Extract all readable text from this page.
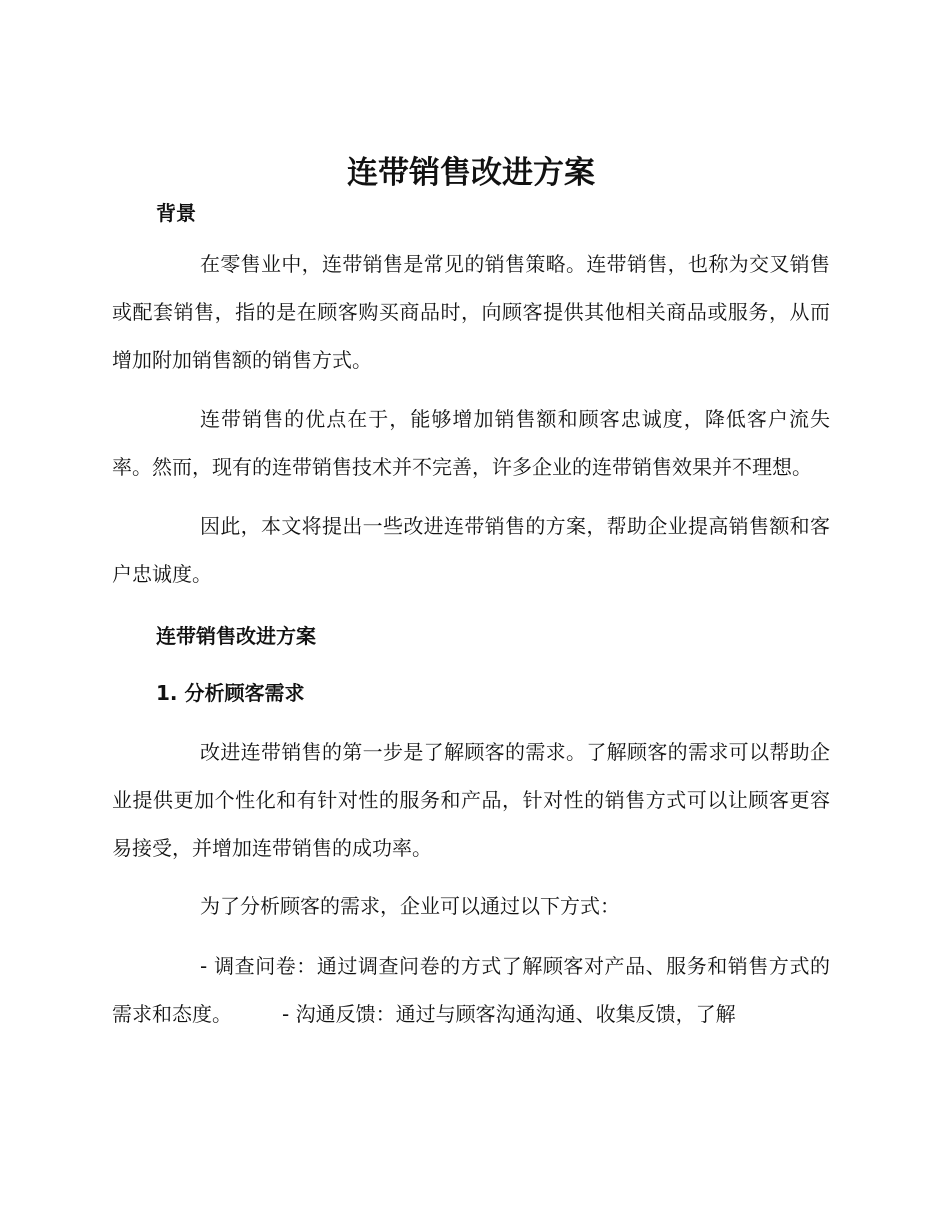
连带销售改进方案
背景

在零售业中，连带销售是常见的销售策略。连带销售，也称为交叉销售或配套销售，指的是在顾客购买商品时，向顾客提供其他相关商品或服务，从而增加附加销售额的销售方式。

连带销售的优点在于，能够增加销售额和顾客忠诚度，降低客户流失率。然而，现有的连带销售技术并不完善，许多企业的连带销售效果并不理想。

因此，本文将提出一些改进连带销售的方案，帮助企业提高销售额和客户忠诚度。

连带销售改进方案
1. 分析顾客需求

改进连带销售的第一步是了解顾客的需求。了解顾客的需求可以帮助企业提供更加个性化和有针对性的服务和产品，针对性的销售方式可以让顾客更容易接受，并增加连带销售的成功率。

为了分析顾客的需求，企业可以通过以下方式：

- 调查问卷：通过调查问卷的方式了解顾客对产品、服务和销售方式的需求和态度。　　　- 沟通反馈：通过与顾客沟通沟通、收集反馈，了解
